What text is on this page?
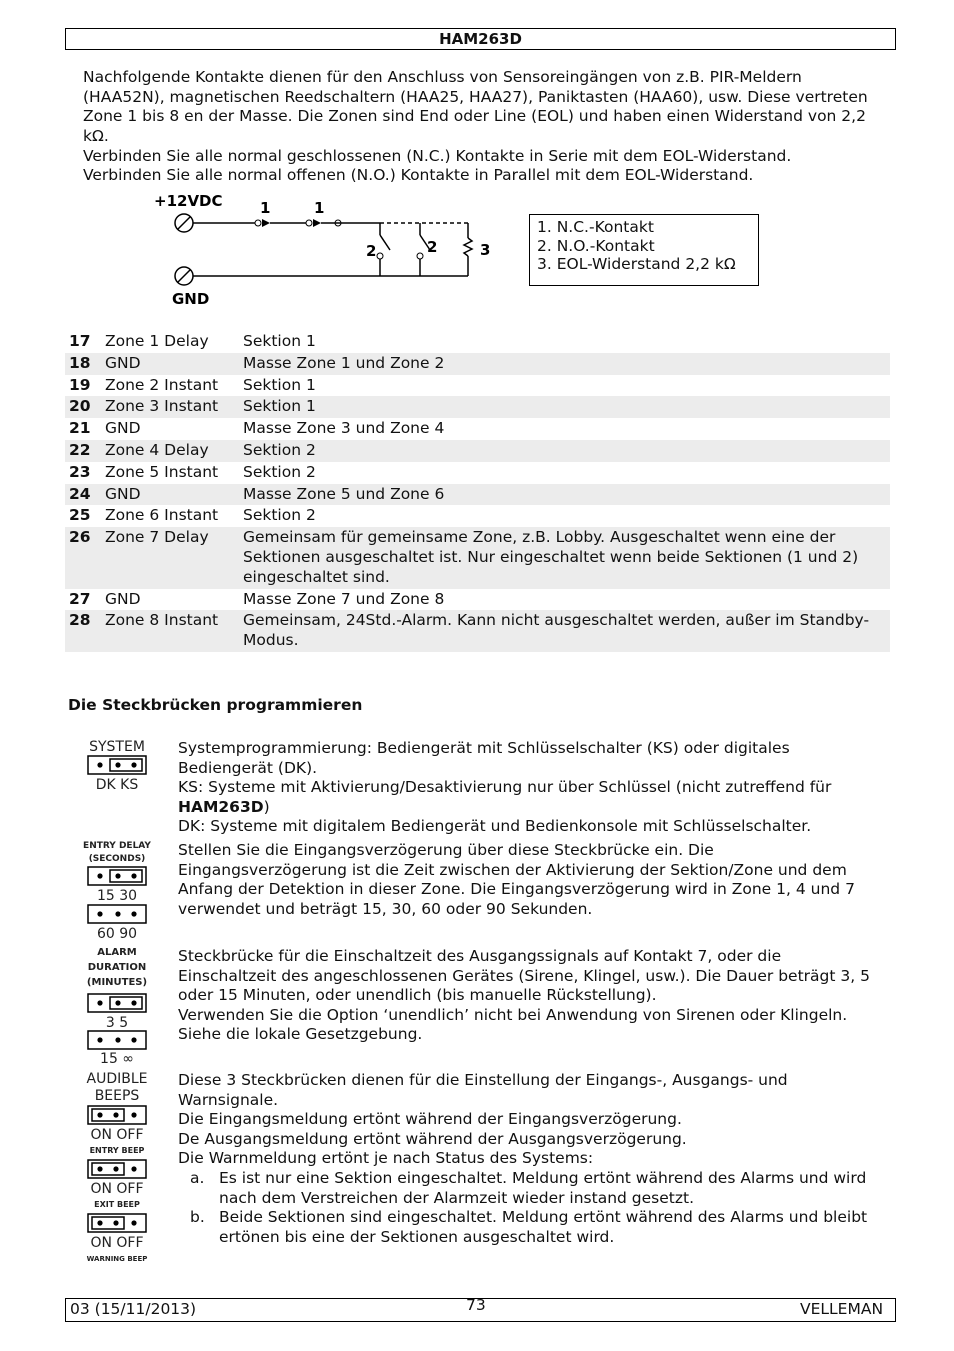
HAM263D
Nachfolgende Kontakte dienen für den Anschluss von Sensoreingängen von z.B. PIR-Meldern (HAA52N), magnetischen Reedschaltern (HAA25, HAA27), Paniktasten (HAA60), usw. Diese vertreten Zone 1 bis 8 en der Masse. Die Zonen sind End oder Line (EOL) und haben einen Widerstand von 2,2 kΩ.
Verbinden Sie alle normal geschlossenen (N.C.) Kontakte in Serie mit dem EOL-Widerstand.
Verbinden Sie alle normal offenen (N.O.) Kontakte in Parallel mit dem EOL-Widerstand.
+12VDC 1	1
2	2	3
GND
1. N.C.-Kontakt
2. N.O.-Kontakt
3. EOL-Widerstand 2,2 kΩ
17	Zone 1 Delay	Sektion 1
18	GND	Masse Zone 1 und Zone 2
19	Zone 2 Instant	Sektion 1
20	Zone 3 Instant	Sektion 1
21	GND	Masse Zone 3 und Zone 4
22	Zone 4 Delay	Sektion 2
23	Zone 5 Instant	Sektion 2
24	GND	Masse Zone 5 und Zone 6
25	Zone 6 Instant	Sektion 2
26	Zone 7 Delay	Gemeinsam für gemeinsame Zone, z.B. Lobby. Ausgeschaltet wenn eine der Sektionen ausgeschaltet ist. Nur eingeschaltet wenn beide Sektionen (1 und 2) eingeschaltet sind.
27	GND	Masse Zone 7 und Zone 8
28	Zone 8 Instant	Gemeinsam, 24Std.-Alarm. Kann nicht ausgeschaltet werden, außer im Standby-Modus.
Die Steckbrücken programmieren
SYSTEM
DK KS
Systemprogrammierung: Bediengerät mit Schlüsselschalter (KS) oder digitales Bediengerät (DK).
KS: Systeme mit Aktivierung/Desaktivierung nur über Schlüssel (nicht zutreffend für HAM263D)
DK: Systeme mit digitalem Bediengerät und Bedienkonsole mit Schlüsselschalter.
ENTRY DELAY
(SECONDS)
15 30
60 90
Stellen Sie die Eingangsverzögerung über diese Steckbrücke ein. Die Eingangsverzögerung ist die Zeit zwischen der Aktivierung der Sektion/Zone und dem Anfang der Detektion in dieser Zone. Die Eingangsverzögerung wird in Zone 1, 4 und 7 verwendet und beträgt 15, 30, 60 oder 90 Sekunden.
ALARM
DURATION
(MINUTES)
3 5
15 ∞
Steckbrücke für die Einschaltzeit des Ausgangssignals auf Kontakt 7, oder die Einschaltzeit des angeschlossenen Gerätes (Sirene, Klingel, usw.). Die Dauer beträgt 3, 5 oder 15 Minuten, oder unendlich (bis manuelle Rückstellung).
Verwenden Sie die Option ‘unendlich’ nicht bei Anwendung von Sirenen oder Klingeln. Siehe die lokale Gesetzgebung.
AUDIBLE
BEEPS
ON OFF
ENTRY BEEP
ON OFF
EXIT BEEP
ON OFF
WARNING BEEP
Diese 3 Steckbrücken dienen für die Einstellung der Eingangs-, Ausgangs- und Warnsignale.
Die Eingangsmeldung ertönt während der Eingangsverzögerung.
De Ausgangsmeldung ertönt während der Ausgangsverzögerung.
Die Warnmeldung ertönt je nach Status des Systems:
a. Es ist nur eine Sektion eingeschaltet. Meldung ertönt während des Alarms und wird nach dem Verstreichen der Alarmzeit wieder instand gesetzt.
b. Beide Sektionen sind eingeschaltet. Meldung ertönt während des Alarms und bleibt ertönen bis eine der Sektionen ausgeschaltet wird.
03 (15/11/2013)	73	VELLEMAN
